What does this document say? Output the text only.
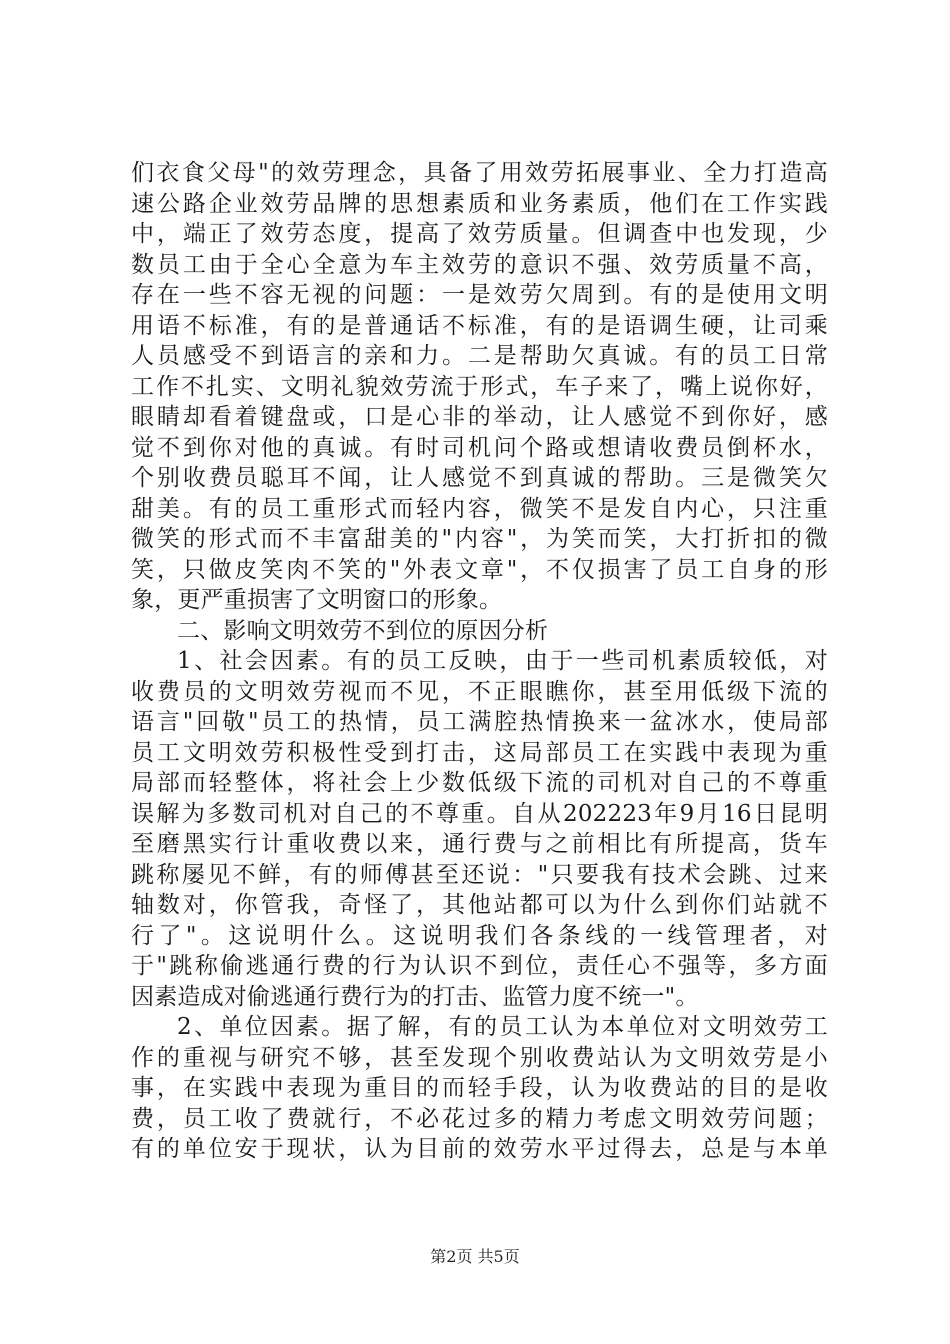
们衣食父母"的效劳理念，具备了用效劳拓展事业、全力打造高
速公路企业效劳品牌的思想素质和业务素质，他们在工作实践
中，端正了效劳态度，提高了效劳质量。但调查中也发现，少
数员工由于全心全意为车主效劳的意识不强、效劳质量不高，
存在一些不容无视的问题：一是效劳欠周到。有的是使用文明
用语不标准，有的是普通话不标准，有的是语调生硬，让司乘
人员感受不到语言的亲和力。二是帮助欠真诚。有的员工日常
工作不扎实、文明礼貌效劳流于形式，车子来了，嘴上说你好，
眼睛却看着键盘或，口是心非的举动，让人感觉不到你好，感
觉不到你对他的真诚。有时司机问个路或想请收费员倒杯水，
个别收费员聪耳不闻，让人感觉不到真诚的帮助。三是微笑欠
甜美。有的员工重形式而轻内容，微笑不是发自内心，只注重
微笑的形式而不丰富甜美的"内容"，为笑而笑，大打折扣的微
笑，只做皮笑肉不笑的"外表文章"，不仅损害了员工自身的形
象，更严重损害了文明窗口的形象。
二、影响文明效劳不到位的原因分析
1、社会因素。有的员工反映，由于一些司机素质较低，对
收费员的文明效劳视而不见，不正眼瞧你，甚至用低级下流的
语言"回敬"员工的热情，员工满腔热情换来一盆冰水，使局部
员工文明效劳积极性受到打击，这局部员工在实践中表现为重
局部而轻整体，将社会上少数低级下流的司机对自己的不尊重
误解为多数司机对自己的不尊重。自从202223年9月16日昆明
至磨黑实行计重收费以来，通行费与之前相比有所提高，货车
跳称屡见不鲜，有的师傅甚至还说："只要我有技术会跳、过来
轴数对，你管我，奇怪了，其他站都可以为什么到你们站就不
行了"。这说明什么。这说明我们各条线的一线管理者，对
于"跳称偷逃通行费的行为认识不到位，责任心不强等，多方面
因素造成对偷逃通行费行为的打击、监管力度不统一"。
2、单位因素。据了解，有的员工认为本单位对文明效劳工
作的重视与研究不够，甚至发现个别收费站认为文明效劳是小
事，在实践中表现为重目的而轻手段，认为收费站的目的是收
费，员工收了费就行，不必花过多的精力考虑文明效劳问题；
有的单位安于现状，认为目前的效劳水平过得去，总是与本单
第2页 共5页
